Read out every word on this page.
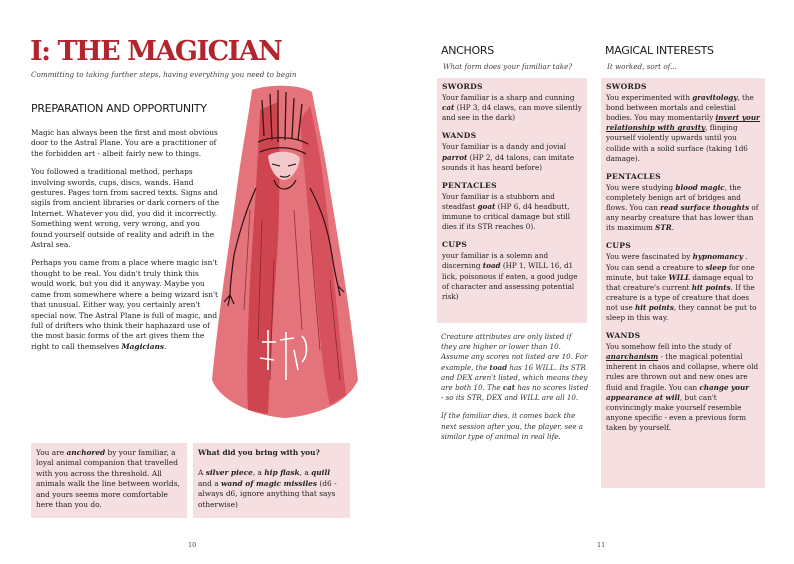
I: THE MAGICIAN
Committing to taking further steps, having everything you need to begin
PREPARATION AND OPPORTUNITY

Magic has always been the first and most obvious door to the Astral Plane. You are a practitioner of the forbidden art - albeit fairly new to things.

You followed a traditional method, perhaps involving swords, cups, discs, wands. Hand gestures. Pages torn from sacred texts. Signs and sigils from ancient libraries or dark corners of the Internet. Whatever you did, you did it incorrectly. Something went wrong, very wrong, and you found yourself outside of reality and adrift in the Astral sea.

Perhaps you came from a place where magic isn't thought to be real. You didn't truly think this would work, but you did it anyway. Maybe you came from somewhere where a being wizard isn't that unusual. Either way, you certainly aren't special now. The Astral Plane is full of magic, and full of drifters who think their haphazard use of the most basic forms of the art gives them the right to call themselves Magicians.

You are anchored by your familiar, a loyal animal companion that travelled with you across the threshold. All animals walk the line between worlds, and yours seems more comfortable here than you do.
What did you bring with you?
A silver piece, a hip flask, a quill and a wand of magic missiles (d6 - always d6, ignore anything that says otherwise)
10
ANCHORS
What form does your familiar take?
SWORDS

Your familiar is a sharp and cunning cat (HP 3, d4 claws, can move silently and see in the dark)

WANDS

Your familiar is a dandy and jovial parrot (HP 2, d4 talons, can imitate sounds it has heard before)

PENTACLES

Your familiar is a stubborn and steadfast goat (HP 6, d4 headbutt, immune to critical damage but still dies if its STR reaches 0).

CUPS

your familiar is a solemn and discerning toad (HP 1, WILL 16, d1 lick, poisonous if eaten, a good judge of character and assessing potential risk)

Creature attributes are only listed if they are higher or lower than 10. Assume any scores not listed are 10. For example, the toad has 16 WILL. Its STR and DEX aren't listed, which means they are both 10. The cat has no scores listed - so its STR, DEX and WILL are all 10.

If the familiar dies, it comes back the next session after you, the player, see a similar type of animal in real life.

MAGICAL INTERESTS
It worked, sort of...
SWORDS

You experimented with gravitology, the bond between mortals and celestial bodies. You may momentarily invert your relationship with gravity, flinging yourself violently upwards until you collide with a solid surface (taking 1d6 damage).

PENTACLES

You were studying blood magic, the completely benign art of bridges and flows. You can read surface thoughts of any nearby creature that has lower than its maximum STR.

CUPS

You were fascinated by hypnomancy . You can send a creature to sleep for one minute, but take WILL damage equal to that creature's current hit points. If the creature is a type of creature that does not use hit points, they cannot be put to sleep in this way.

WANDS

You somehow fell into the study of anarchanism - the magical potential inherent in chaos and collapse, where old rules are thrown out and new ones are fluid and fragile. You can change your appearance at will, but can't convincingly make yourself resemble anyone specific - even a previous form taken by yourself.

11
